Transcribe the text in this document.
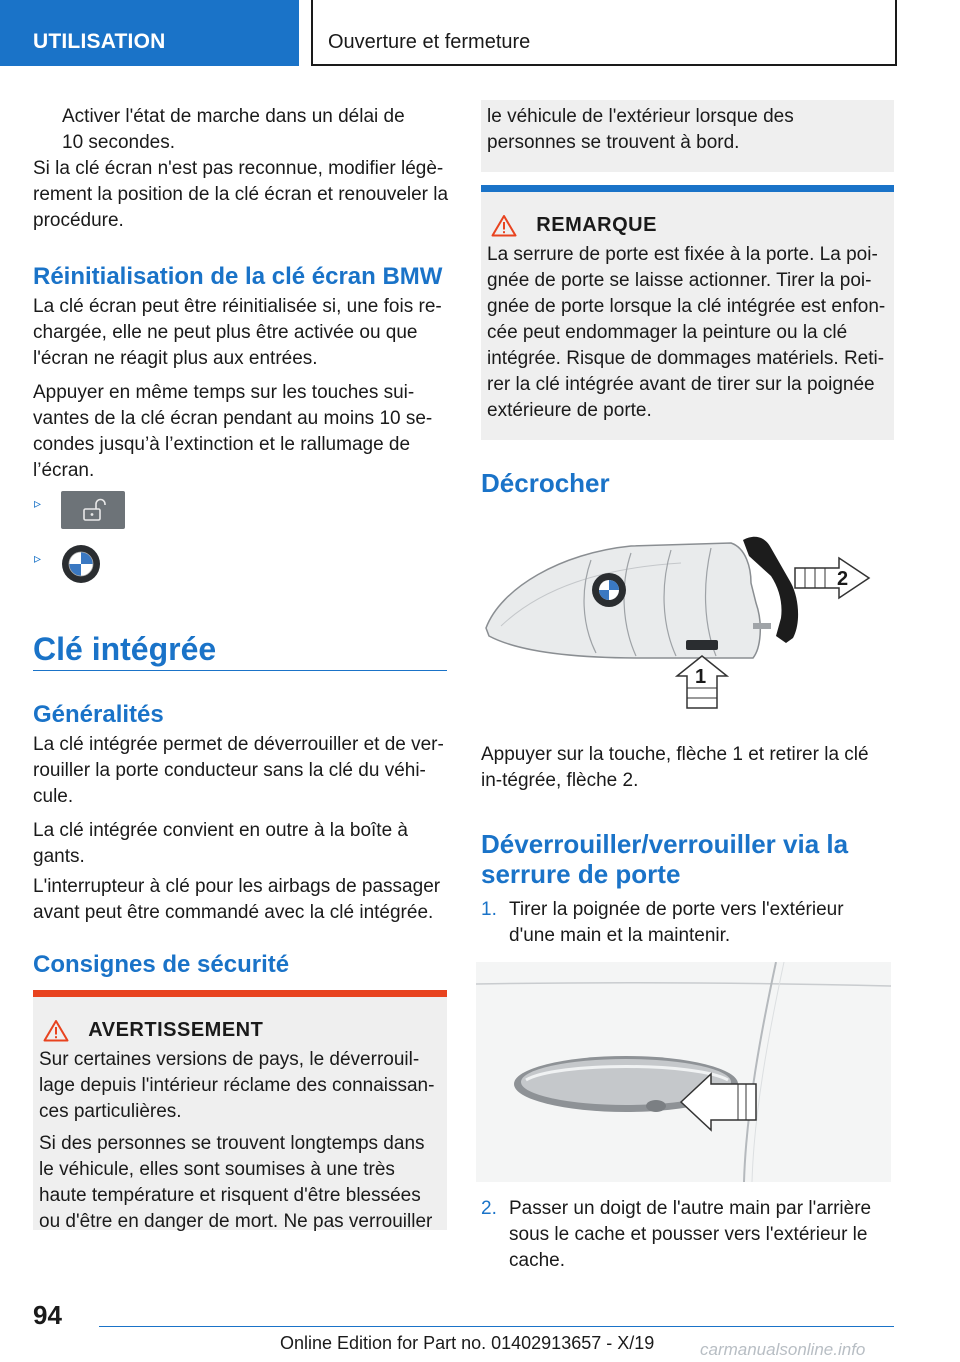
UTILISATION	Ouverture et fermeture

Activer l'état de marche dans un délai de 10 secondes.

Si la clé écran n'est pas reconnue, modifier légè-rement la position de la clé écran et renouveler la procédure.

Réinitialisation de la clé écran BMW

La clé écran peut être réinitialisée si, une fois re-chargée, elle ne peut plus être activée ou que l'écran ne réagit plus aux entrées.

Appuyer en même temps sur les touches sui-vantes de la clé écran pendant au moins 10 se-condes jusqu’à l’extinction et le rallumage de l’écran.

▹
▹
Clé intégrée
Généralités

La clé intégrée permet de déverrouiller et de ver-rouiller la porte conducteur sans la clé du véhi-cule.

La clé intégrée convient en outre à la boîte à gants.

L'interrupteur à clé pour les airbags de passager avant peut être commandé avec la clé intégrée.

Consignes de sécurité
AVERTISSEMENT

Sur certaines versions de pays, le déverrouil-lage depuis l'intérieur réclame des connaissan-ces particulières.

Si des personnes se trouvent longtemps dans le véhicule, elles sont soumises à une très haute température et risquent d'être blessées ou d'être en danger de mort. Ne pas verrouiller

le véhicule de l'extérieur lorsque des personnes se trouvent à bord.

REMARQUE

La serrure de porte est fixée à la porte. La poi-gnée de porte se laisse actionner. Tirer la poi-gnée de porte lorsque la clé intégrée est enfon-cée peut endommager la peinture ou la clé intégrée. Risque de dommages matériels. Reti-rer la clé intégrée avant de tirer sur la poignée extérieure de porte.

Décrocher
2
1

Appuyer sur la touche, flèche 1 et retirer la clé in-tégrée, flèche 2.

Déverrouiller/verrouiller via la serrure de porte
1. Tirer la poignée de porte vers l'extérieur d'une main et la maintenir.

2. Passer un doigt de l'autre main par l'arrière sous le cache et pousser vers l'extérieur le cache.

94
Online Edition for Part no. 01402913657 - X/19	carmanualsonline.info
